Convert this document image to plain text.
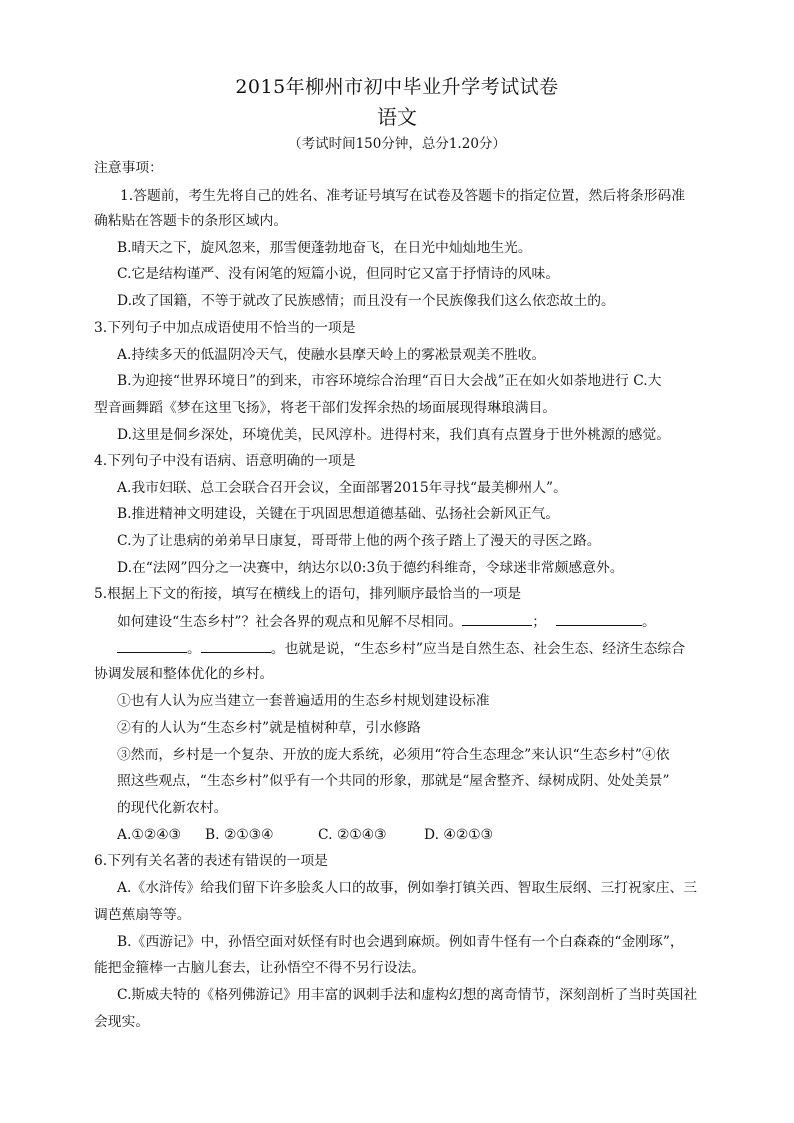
2015年柳州市初中毕业升学考试试卷
语文
（考试时间150分钟，总分1.20分）
注意事项：
1.答题前，考生先将自己的姓名、准考证号填写在试卷及答题卡的指定位置，然后将条形码准
确粘贴在答题卡的条形区域内。
B.晴天之下，旋风忽来，那雪便蓬勃地奋飞，在日光中灿灿地生光。
C.它是结构谨严、没有闲笔的短篇小说，但同时它又富于抒情诗的风味。
D.改了国籍，不等于就改了民族感情；而且没有一个民族像我们这么依恋故土的。
3.下列句子中加点成语使用不恰当的一项是
A.持续多天的低温阴冷天气，使融水县摩天岭上的雾凇景观美不胜收。
B.为迎接“世界环境日”的到来，市容环境综合治理“百日大会战”正在如火如荼地进行 C.大
型音画舞蹈《梦在这里飞扬》，将老干部们发挥余热的场面展现得琳琅满目。
D.这里是侗乡深处，环境优美，民风淳朴。进得村来，我们真有点置身于世外桃源的感觉。
4.下列句子中没有语病、语意明确的一项是
A.我市妇联、总工会联合召开会议，全面部署2015年寻找“最美柳州人”。
B.推进精神文明建设，关键在于巩固思想道德基础、弘扬社会新风正气。
C.为了让患病的弟弟早日康复，哥哥带上他的两个孩子踏上了漫天的寻医之路。
D.在“法网”四分之一决赛中，纳达尔以0:3负于德约科维奇，令球迷非常颇感意外。
5.根据上下文的衔接，填写在横线上的语句，排列顺序最恰当的一项是
如何建设“生态乡村”？社会各界的观点和见解不尽相同。	；	。
。	。也就是说，“生态乡村”应当是自然生态、社会生态、经济生态综合
协调发展和整体优化的乡村。
①也有人认为应当建立一套普遍适用的生态乡村规划建设标准
②有的人认为“生态乡村”就是植树种草，引水修路
③然而，乡村是一个复杂、开放的庞大系统，必须用“符合生态理念”来认识“生态乡村”④依
照这些观点，“生态乡村”似乎有一个共同的形象，那就是“屋舍整齐、绿树成阴、处处美景”
的现代化新农村。
A.①②④③ B. ②①③④	C. ②①④③	D. ④②①③
6.下列有关名著的表述有错误的一项是
A.《水浒传》给我们留下许多脍炙人口的故事，例如拳打镇关西、智取生辰纲、三打祝家庄、三
调芭蕉扇等等。
B.《西游记》中，孙悟空面对妖怪有时也会遇到麻烦。例如青牛怪有一个白森森的“金刚琢”，
能把金箍棒一古脑儿套去，让孙悟空不得不另行设法。
C.斯威夫特的《格列佛游记》用丰富的讽刺手法和虚构幻想的离奇情节，深刻剖析了当时英国社
会现实。
